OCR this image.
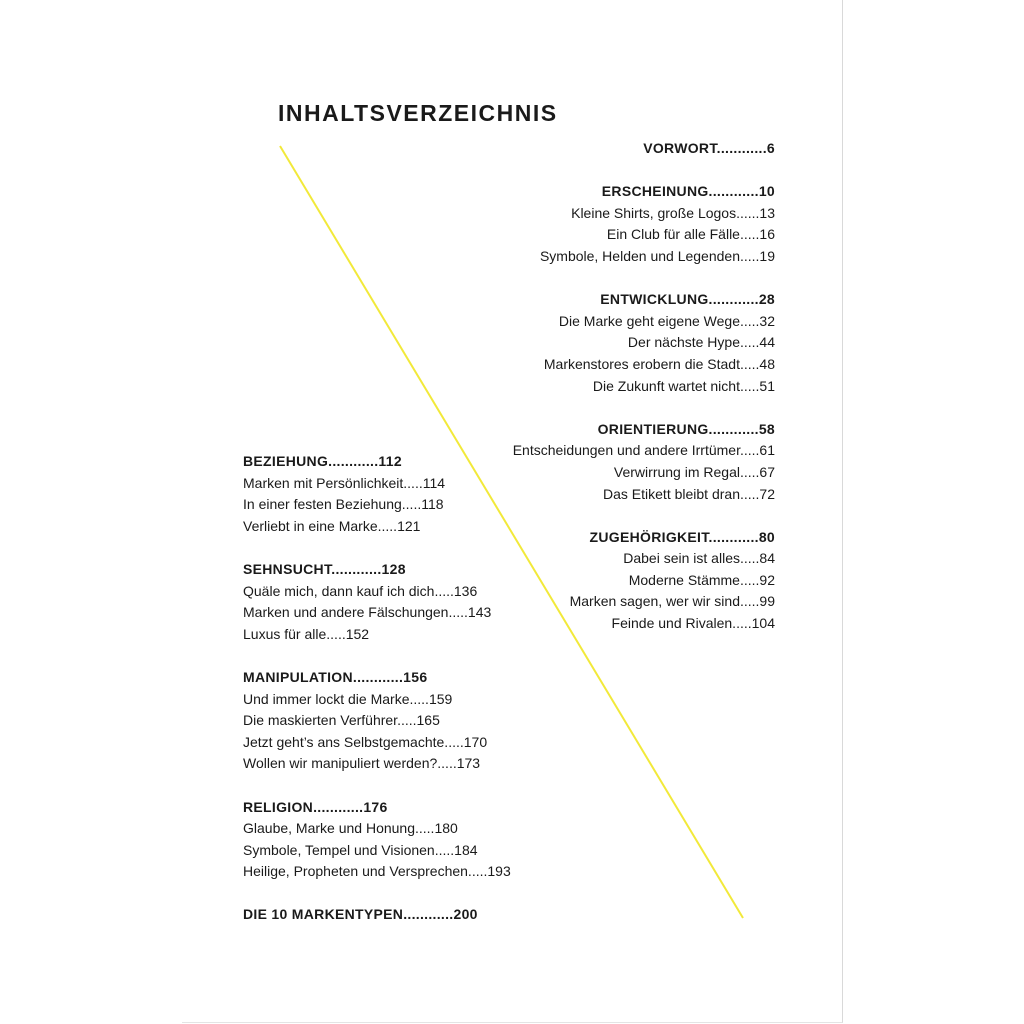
INHALTSVERZEICHNIS
VORWORT............6
ERSCHEINUNG............10
Kleine Shirts, große Logos......13
Ein Club für alle Fälle.....16
Symbole, Helden und Legenden.....19
ENTWICKLUNG............28
Die Marke geht eigene Wege.....32
Der nächste Hype.....44
Markenstores erobern die Stadt.....48
Die Zukunft wartet nicht.....51
ORIENTIERUNG............58
Entscheidungen und andere Irrtümer.....61
Verwirrung im Regal.....67
Das Etikett bleibt dran.....72
ZUGEHÖRIGKEIT............80
Dabei sein ist alles.....84
Moderne Stämme.....92
Marken sagen, wer wir sind.....99
Feinde und Rivalen.....104
BEZIEHUNG............112
Marken mit Persönlichkeit.....114
In einer festen Beziehung.....118
Verliebt in eine Marke.....121
SEHNSUCHT............128
Quäle mich, dann kauf ich dich.....136
Marken und andere Fälschungen.....143
Luxus für alle.....152
MANIPULATION............156
Und immer lockt die Marke.....159
Die maskierten Verführer.....165
Jetzt geht’s ans Selbstgemachte.....170
Wollen wir manipuliert werden?.....173
RELIGION............176
Glaube, Marke und Honung.....180
Symbole, Tempel und Visionen.....184
Heilige, Propheten und Versprechen.....193
DIE 10 MARKENTYPEN............200
